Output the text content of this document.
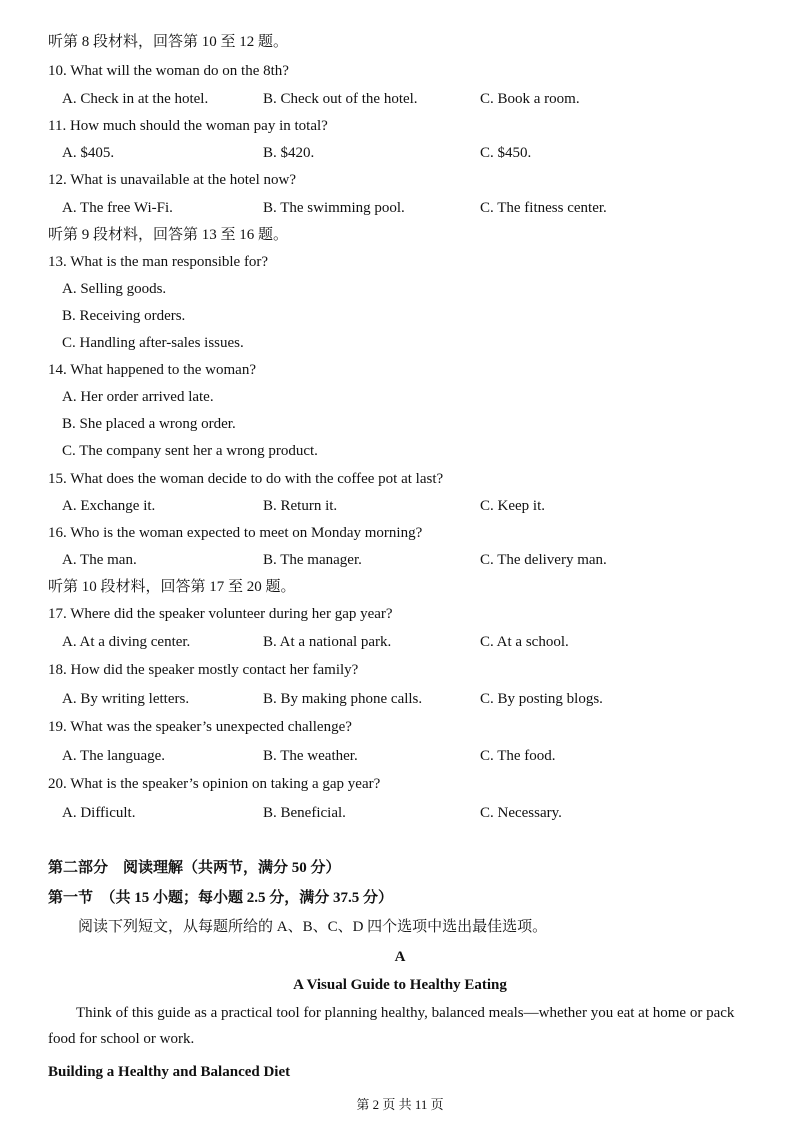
听第 8 段材料，回答第 10 至 12 题。
10. What will the woman do on the 8th?
A. Check in at the hotel.	B. Check out of the hotel.	C. Book a room.
11. How much should the woman pay in total?
A. $405.	B. $420.	C. $450.
12. What is unavailable at the hotel now?
A. The free Wi-Fi.	B. The swimming pool.	C. The fitness center.
听第 9 段材料，回答第 13 至 16 题。
13. What is the man responsible for?
A. Selling goods.
B. Receiving orders.
C. Handling after-sales issues.
14. What happened to the woman?
A. Her order arrived late.
B. She placed a wrong order.
C. The company sent her a wrong product.
15. What does the woman decide to do with the coffee pot at last?
A. Exchange it.	B. Return it.	C. Keep it.
16. Who is the woman expected to meet on Monday morning?
A. The man.	B. The manager.	C. The delivery man.
听第 10 段材料，回答第 17 至 20 题。
17. Where did the speaker volunteer during her gap year?
A. At a diving center.	B. At a national park.	C. At a school.
18. How did the speaker mostly contact her family?
A. By writing letters.	B. By making phone calls.	C. By posting blogs.
19. What was the speaker’s unexpected challenge?
A. The language.	B. The weather.	C. The food.
20. What is the speaker’s opinion on taking a gap year?
A. Difficult.	B. Beneficial.	C. Necessary.
第二部分　阅读理解（共两节，满分 50 分）
第一节　（共 15 小题；每小题 2.5 分，满分 37.5 分）
阅读下列短文，从每题所给的 A、B、C、D 四个选项中选出最佳选项。
A
A Visual Guide to Healthy Eating
Think of this guide as a practical tool for planning healthy, balanced meals—whether you eat at home or pack food for school or work.
Building a Healthy and Balanced Diet
第 2 页 共 11 页
